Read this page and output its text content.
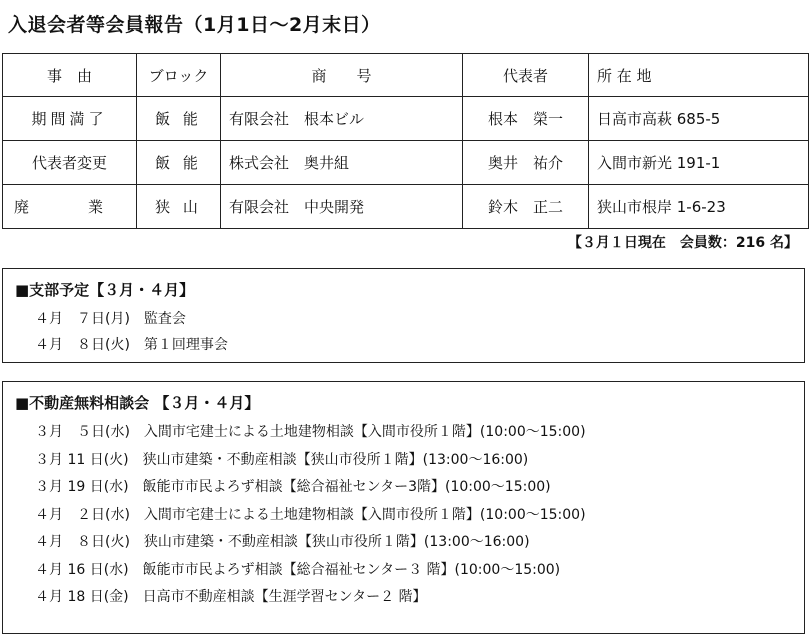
入退会者等会員報告（1月1日～2月末日）
事　由	ブロック	商　　号	代表者	所 在 地
期間満了	飯 能	有限会社　根本ビル	根本　榮一	日高市高萩 685-5
代表者変更	飯 能	株式会社　奥井組	奥井　祐介	入間市新光 191-1
廃　業	狭 山	有限会社　中央開発	鈴木　正二	狭山市根岸 1-6-23
【３月１日現在　会員数：216 名】
■支部予定【３月・４月】
４月　７日(月)　監査会
４月　８日(火)　第１回理事会
■不動産無料相談会 【３月・４月】
３月　５日(水)　入間市宅建士による土地建物相談【入間市役所１階】(10:00～15:00)
３月 11 日(火)　狭山市建築・不動産相談【狭山市役所１階】(13:00～16:00)
３月 19 日(水)　飯能市市民よろず相談【総合福祉センター3階】(10:00～15:00)
４月　２日(水)　入間市宅建士による土地建物相談【入間市役所１階】(10:00～15:00)
４月　８日(火)　狭山市建築・不動産相談【狭山市役所１階】(13:00～16:00)
４月 16 日(水)　飯能市市民よろず相談【総合福祉センター３ 階】(10:00～15:00)
４月 18 日(金)　日高市不動産相談【生涯学習センター２ 階】
